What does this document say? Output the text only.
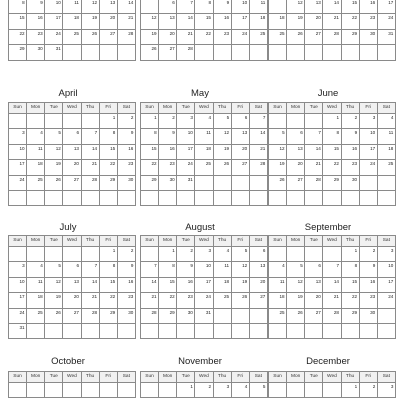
8	9	10	11	12	13	14

15	16	17	18	19	20	21

22	23	24	25	26	27	28

29	30	31				

	6	7	8	9	10	11

12	13	14	15	16	17	18

19	20	21	22	23	24	25

26	27	28				

	12	13	14	15	16	17

18	19	20	21	22	23	24

25	26	27	28	29	30	31

April
Sun	Mon	Tue	Wed	Thu	Fri	Sat

					1	2

3	4	5	6	7	8	9

10	11	12	13	14	15	16

17	18	19	20	21	22	23

24	25	26	27	28	29	30

May
Sun	Mon	Tue	Wed	Thu	Fri	Sat

1	2	3	4	5	6	7

8	9	10	11	12	13	14

15	16	17	18	19	20	21

22	23	24	25	26	27	28

29	30	31				

June
Sun	Mon	Tue	Wed	Thu	Fri	Sat

			1	2	3	4

5	6	7	8	9	10	11

12	13	14	15	16	17	18

19	20	21	22	23	24	25

26	27	28	29	30		

July
Sun	Mon	Tue	Wed	Thu	Fri	Sat

					1	2

3	4	5	6	7	8	9

10	11	12	13	14	15	16

17	18	19	20	21	22	23

24	25	26	27	28	29	30

31						

August
Sun	Mon	Tue	Wed	Thu	Fri	Sat

	1	2	3	4	5	6

7	8	9	10	11	12	13

14	15	16	17	18	19	20

21	22	23	24	25	26	27

28	29	30	31			

September
Sun	Mon	Tue	Wed	Thu	Fri	Sat

				1	2	3

4	5	6	7	8	9	10

11	12	13	14	15	16	17

18	19	20	21	22	23	24

25	26	27	28	29	30	

October
Sun	Mon	Tue	Wed	Thu	Fri	Sat

November
Sun	Mon	Tue	Wed	Thu	Fri	Sat

		1	2	3	4	5
December
Sun	Mon	Tue	Wed	Thu	Fri	Sat

				1	2	3
